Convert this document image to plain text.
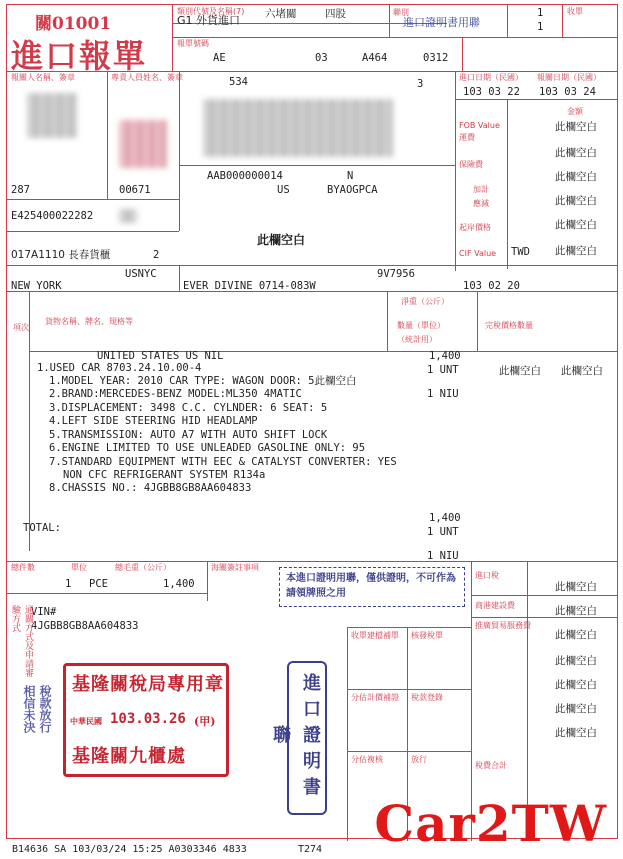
關01001
進口報單
類別代號及名稱(7)
G1 外貨進口 六堵關	四股	聯別
進口證明書用聯
1
1
收單
報單號碼
AE	03	A464	0312
報關人名稱、簽章	專責人員姓名、簽章
287	00671
534	3
進口日期（民國） 報關日期（民國）
103 03 22 103 03 24
FOB Value	此欄空白
運費
此欄空白
保險費
此欄空白
加計
此欄空白
應減
此欄空白
起岸價格
CIF Value TWD 此欄空白
E425400022282
AAB000000014	N
US	BYAOGPCA
此欄空白
017A1110 長春貨櫃	2
NEW YORK
USNYC
EVER DIVINE 0714-083W
9V7956
103 02 20
項次
貨物名稱、牌名、規格等
淨重（公斤）
數量（單位）
（統計用）
完稅價格數量
金額
UNITED STATES US NIL
1.USED CAR 8703.24.10.00-4
1.MODEL YEAR: 2010 CAR TYPE: WAGON DOOR: 5此欄空白
2.BRAND:MERCEDES-BENZ MODEL:ML350 4MATIC
3.DISPLACEMENT: 3498 C.C. CYLNDER: 6 SEAT: 5
4.LEFT SIDE STEERING HID HEADLAMP
5.TRANSMISSION: AUTO A7 WITH AUTO SHIFT LOCK
6.ENGINE LIMITED TO USE UNLEADED GASOLINE ONLY: 95
7.STANDARD EQUIPMENT WITH EEC & CATALYST CONVERTER: YES
NON CFC REFRIGERANT SYSTEM R134a
8.CHASSIS NO.: 4JGBB8GB8AA604833
1,400
1 UNT
1 NIU
此欄空白 此欄空白
TOTAL:
1,400
1 UNT
1 NIU
總件數	單位	總毛重（公斤）	海關簽註事項
1 PCE	1,400
VIN#
4JGBB8GB8AA604833
進口稅
此欄空白
商港建設費	此欄空白
推廣貿易服務費
此欄空白
此欄空白
此欄空白
此欄空白
此欄空白
稅費合計
收單建檔補單 核發稅單
分估計價補證 稅款登錄
分估複核	放行
通關方式及申請審驗方式
本進口證明用聯，僅供證明，不可作為請領牌照之用
進口證明書聯
基隆關稅局專用章
中華民國 103.03.26 (甲)
基隆關九櫃處
相信未決 稅款放行
B14636 SA 103/03/24 15:25 A0303346 4833	T274 Car2TW
